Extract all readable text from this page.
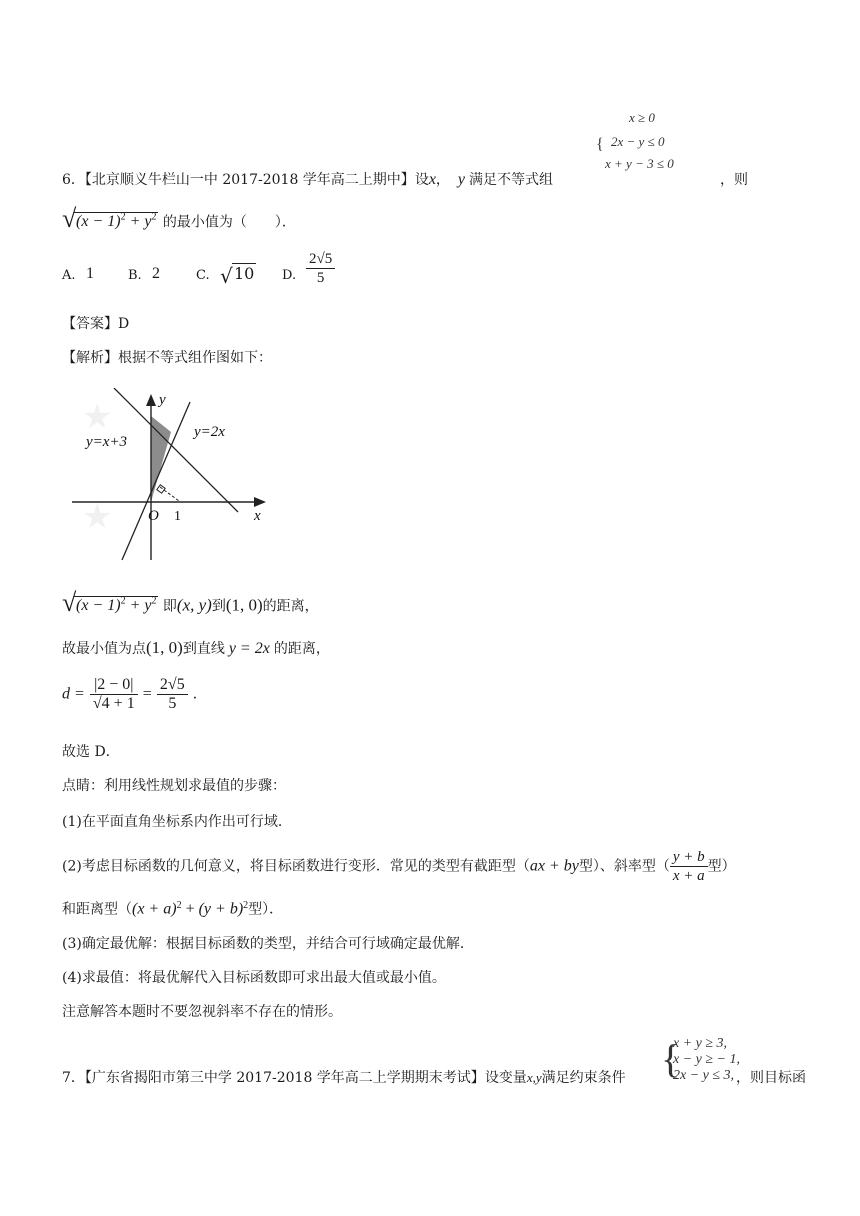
{
x ≥ 0
2x − y ≤ 0
x + y − 3 ≤ 0
6．【北京顺义牛栏山一中 2017-2018 学年高二上期中】设x， y 满足不等式组	，则
√ $(x - 1)^2 + y^2$ 的最小值为（　　）．
A. 1	B. 2	C. √ 10 D. $\frac{2√5}{5}$
【答案】D
【解析】根据不等式组作图如下：
★
★
y
x
y=x+3
y=2x
O 1
√ $(x - 1)^2 + y^2$ 即(x, y)到(1, 0)的距离，
故最小值为点(1, 0)到直线 y = 2x 的距离，
$d = \frac{|2 - 0|}{√4 + 1} = \frac{2√5}{5}$ ．
故选 D．
点睛：利用线性规划求最值的步骤：
(1)在平面直角坐标系内作出可行域．
(2)考虑目标函数的几何意义，将目标函数进行变形．常见的类型有截距型（ax + by型）、斜率型（ $\frac{y + b}{x + a}$ 型）
和距离型（$(x + a)^2 + (y + b)^2$型）．
(3)确定最优解：根据目标函数的类型，并结合可行域确定最优解．
(4)求最值：将最优解代入目标函数即可求出最大值或最小值。
注意解答本题时不要忽视斜率不存在的情形。
{
x + y ≥ 3,
x − y ≥ − 1,
2x − y ≤ 3,
7．【广东省揭阳市第三中学 2017-2018 学年高二上学期期末考试】设变量x,y满足约束条件	，则目标函
